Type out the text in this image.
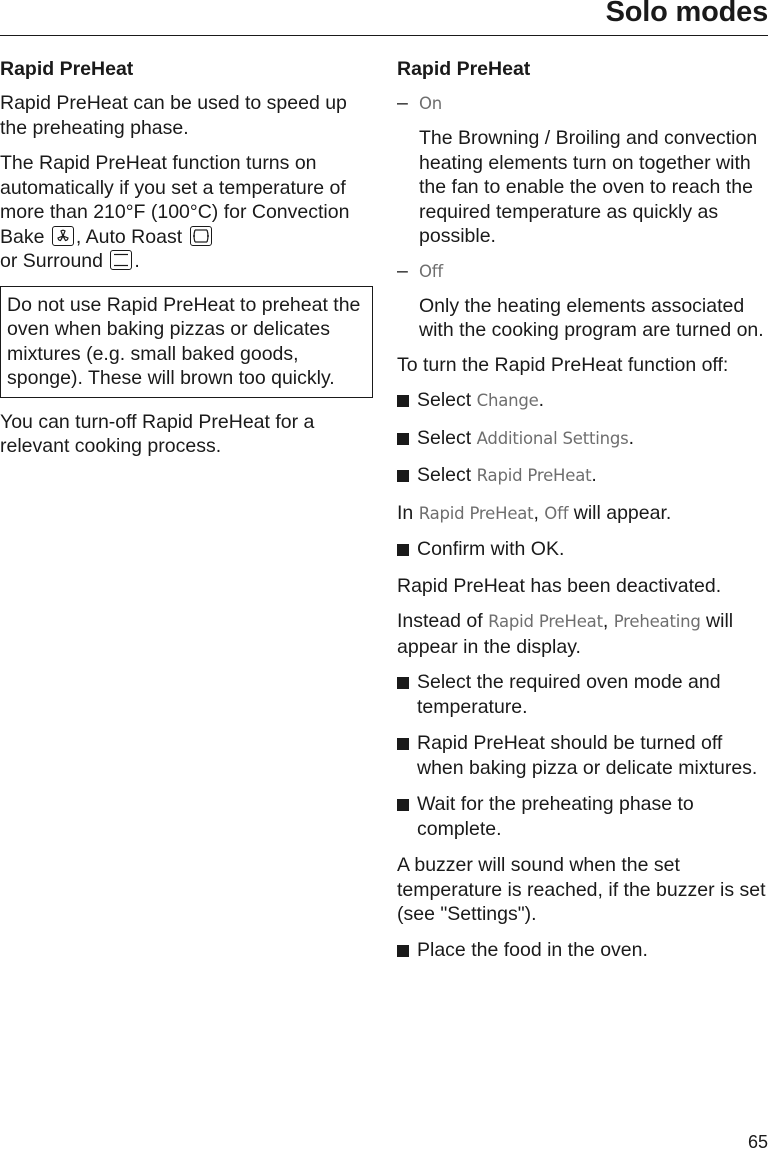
Solo modes
Rapid PreHeat
Rapid PreHeat can be used to speed up the preheating phase.
The Rapid PreHeat function turns on automatically if you set a temperature of more than 210°F (100°C) for Convection Bake
, Auto Roast

or Surround
.
Do not use Rapid PreHeat to preheat the oven when baking pizzas or delicates mixtures (e.g. small baked goods, sponge). These will brown too quickly.
You can turn-off Rapid PreHeat for a relevant cooking process.
Rapid PreHeat
– On
The Browning / Broiling and convection heating elements turn on together with the fan to enable the oven to reach the required temperature as quickly as possible.
– Off
Only the heating elements associated with the cooking program are turned on.
To turn the Rapid PreHeat function off:
Select Change.
Select Additional Settings.
Select Rapid PreHeat.
In Rapid PreHeat, Off will appear.
Confirm with OK.
Rapid PreHeat has been deactivated.
Instead of Rapid PreHeat, Preheating will appear in the display.
Select the required oven mode and temperature.
Rapid PreHeat should be turned off when baking pizza or delicate mixtures.
Wait for the preheating phase to complete.
A buzzer will sound when the set temperature is reached, if the buzzer is set (see "Settings").
Place the food in the oven.
65
